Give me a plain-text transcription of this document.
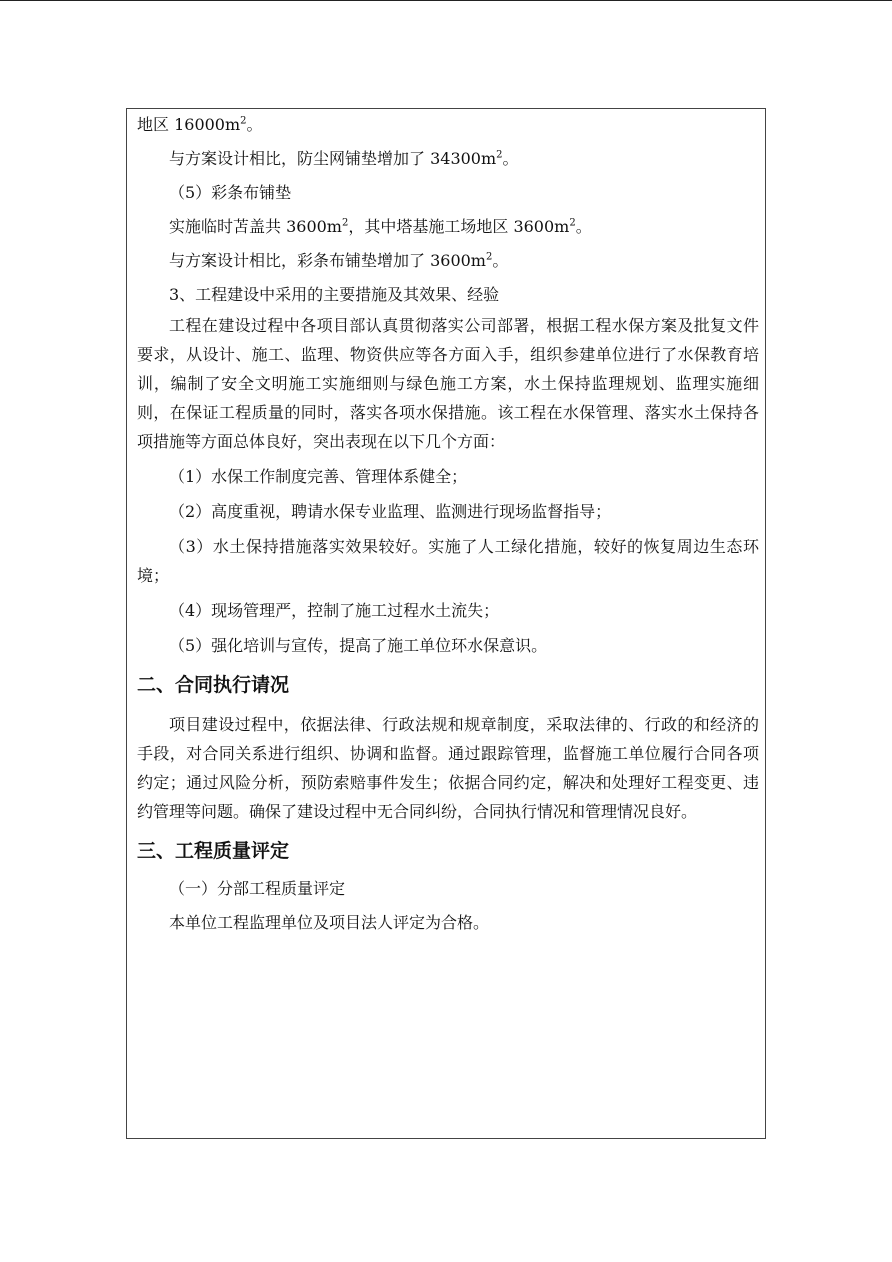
地区 $16000m^2$。

与方案设计相比，防尘网铺垫增加了 $34300m^2$。

（5）彩条布铺垫

实施临时苫盖共 $3600m^2$，其中塔基施工场地区 $3600m^2$。

与方案设计相比，彩条布铺垫增加了 $3600m^2$。

3、工程建设中采用的主要措施及其效果、经验

工程在建设过程中各项目部认真贯彻落实公司部署，根据工程水保方案及批复文件要求，从设计、施工、监理、物资供应等各方面入手，组织参建单位进行了水保教育培训，编制了安全文明施工实施细则与绿色施工方案，水土保持监理规划、监理实施细则，在保证工程质量的同时，落实各项水保措施。该工程在水保管理、落实水土保持各项措施等方面总体良好，突出表现在以下几个方面：

（1）水保工作制度完善、管理体系健全；

（2）高度重视，聘请水保专业监理、监测进行现场监督指导；

（3）水土保持措施落实效果较好。实施了人工绿化措施，较好的恢复周边生态环境；

（4）现场管理严，控制了施工过程水土流失；

（5）强化培训与宣传，提高了施工单位环水保意识。

二、合同执行请况

项目建设过程中，依据法律、行政法规和规章制度，采取法律的、行政的和经济的手段，对合同关系进行组织、协调和监督。通过跟踪管理，监督施工单位履行合同各项约定；通过风险分析，预防索赔事件发生；依据合同约定，解决和处理好工程变更、违约管理等问题。确保了建设过程中无合同纠纷，合同执行情况和管理情况良好。

三、工程质量评定

（一）分部工程质量评定

本单位工程监理单位及项目法人评定为合格。
